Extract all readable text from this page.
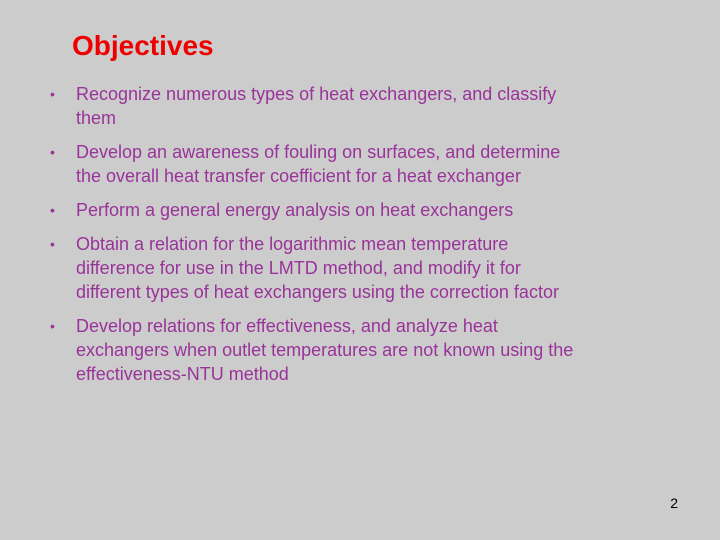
Objectives
• Recognize numerous types of heat exchangers, and classify them
• Develop an awareness of fouling on surfaces, and determine the overall heat transfer coefficient for a heat exchanger
• Perform a general energy analysis on heat exchangers
• Obtain a relation for the logarithmic mean temperature difference for use in the LMTD method, and modify it for different types of heat exchangers using the correction factor
• Develop relations for effectiveness, and analyze heat exchangers when outlet temperatures are not known using the effectiveness-NTU method
2
